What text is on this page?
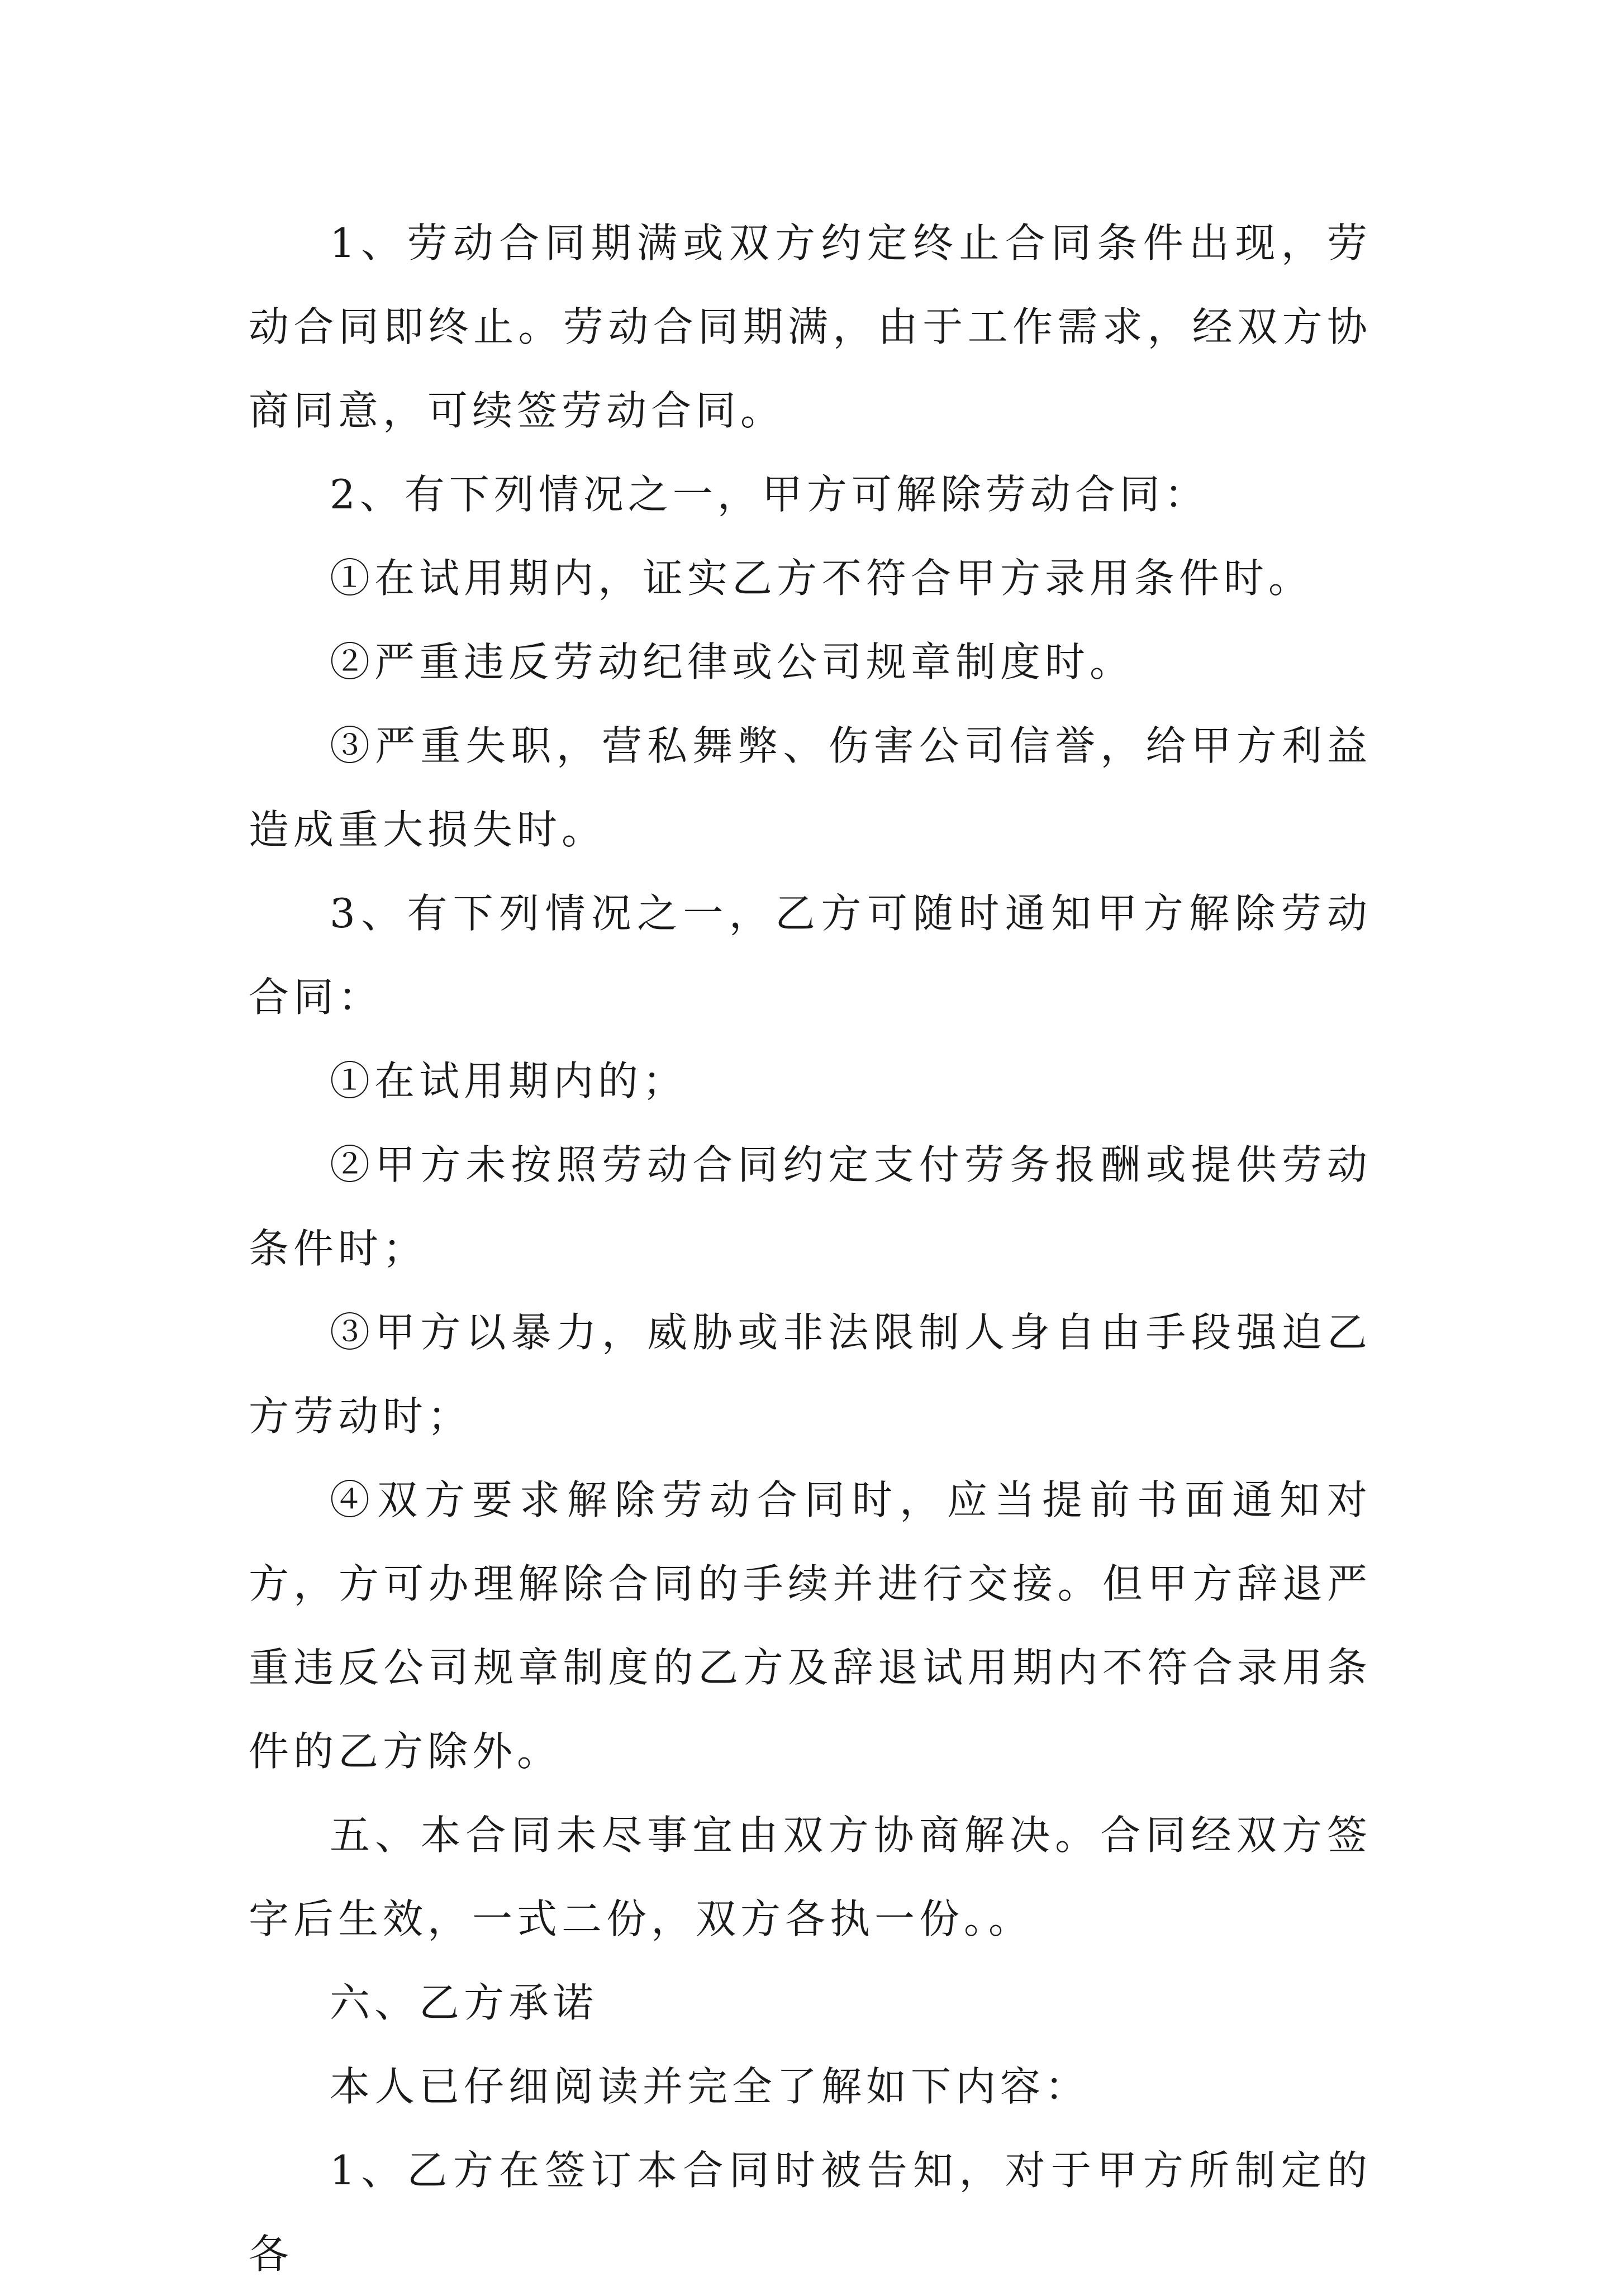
1、劳动合同期满或双方约定终止合同条件出现，劳动合同即终止。劳动合同期满，由于工作需求，经双方协商同意，可续签劳动合同。

2、有下列情况之一，甲方可解除劳动合同：

①在试用期内，证实乙方不符合甲方录用条件时。

②严重违反劳动纪律或公司规章制度时。

③严重失职，营私舞弊、伤害公司信誉，给甲方利益造成重大损失时。

3、有下列情况之一，乙方可随时通知甲方解除劳动合同：

①在试用期内的；

②甲方未按照劳动合同约定支付劳务报酬或提供劳动条件时；

③甲方以暴力，威胁或非法限制人身自由手段强迫乙方劳动时；

④双方要求解除劳动合同时，应当提前书面通知对方，方可办理解除合同的手续并进行交接。但甲方辞退严重违反公司规章制度的乙方及辞退试用期内不符合录用条件的乙方除外。

五、本合同未尽事宜由双方协商解决。合同经双方签字后生效，一式二份，双方各执一份。。

六、乙方承诺

本人已仔细阅读并完全了解如下内容：

1、乙方在签订本合同时被告知，对于甲方所制定的各
